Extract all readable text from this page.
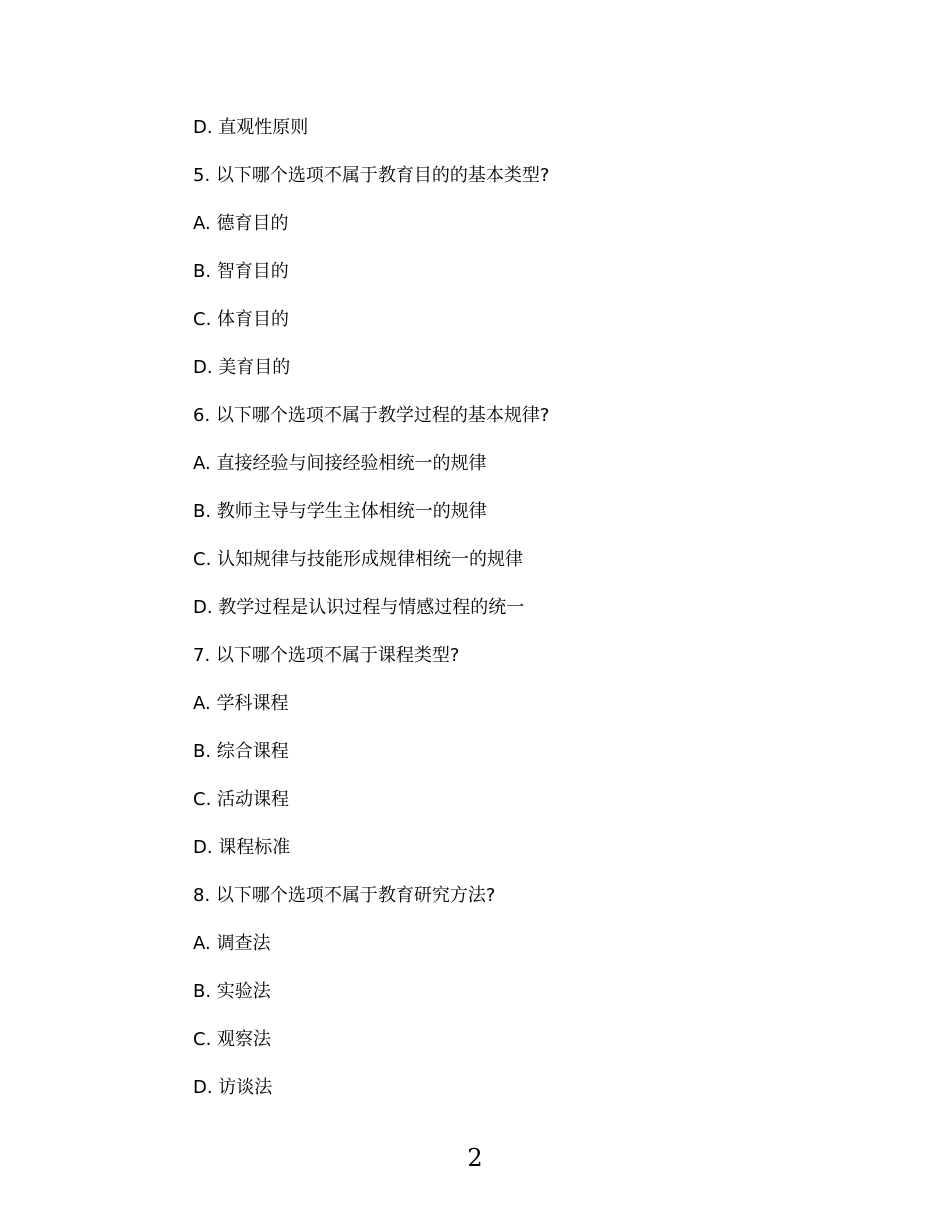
D. 直观性原则
5. 以下哪个选项不属于教育目的的基本类型?
A. 德育目的
B. 智育目的
C. 体育目的
D. 美育目的
6. 以下哪个选项不属于教学过程的基本规律?
A. 直接经验与间接经验相统一的规律
B. 教师主导与学生主体相统一的规律
C. 认知规律与技能形成规律相统一的规律
D. 教学过程是认识过程与情感过程的统一
7. 以下哪个选项不属于课程类型?
A. 学科课程
B. 综合课程
C. 活动课程
D. 课程标准
8. 以下哪个选项不属于教育研究方法?
A. 调查法
B. 实验法
C. 观察法
D. 访谈法
2
